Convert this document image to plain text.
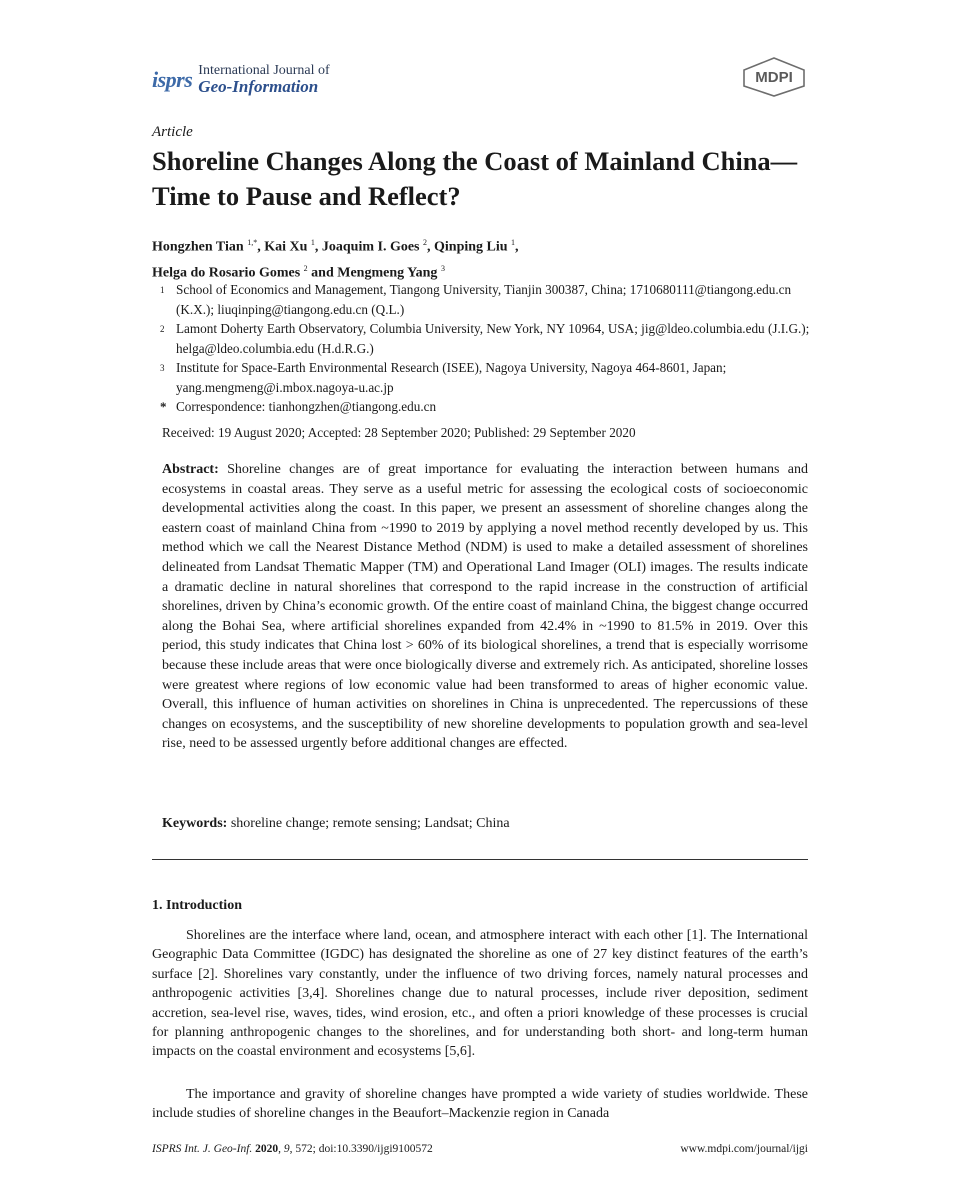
isprs International Journal of
Geo-Information	MDPI
Article
Shoreline Changes Along the Coast of Mainland China—Time to Pause and Reflect?
Hongzhen Tian $^{1,*}$, Kai Xu $^1$, Joaquim I. Goes $^2$, Qinping Liu $^1$,
Helga do Rosario Gomes $^2$ and Mengmeng Yang $^3$
1 School of Economics and Management, Tiangong University, Tianjin 300387, China; 1710680111@tiangong.edu.cn (K.X.); liuqinping@tiangong.edu.cn (Q.L.)
2 Lamont Doherty Earth Observatory, Columbia University, New York, NY 10964, USA; jig@ldeo.columbia.edu (J.I.G.); helga@ldeo.columbia.edu (H.d.R.G.)
3 Institute for Space-Earth Environmental Research (ISEE), Nagoya University, Nagoya 464-8601, Japan; yang.mengmeng@i.mbox.nagoya-u.ac.jp
* Correspondence: tianhongzhen@tiangong.edu.cn
Received: 19 August 2020; Accepted: 28 September 2020; Published: 29 September 2020

Abstract: Shoreline changes are of great importance for evaluating the interaction between humans and ecosystems in coastal areas. They serve as a useful metric for assessing the ecological costs of socioeconomic developmental activities along the coast. In this paper, we present an assessment of shoreline changes along the eastern coast of mainland China from ~1990 to 2019 by applying a novel method recently developed by us. This method which we call the Nearest Distance Method (NDM) is used to make a detailed assessment of shorelines delineated from Landsat Thematic Mapper (TM) and Operational Land Imager (OLI) images. The results indicate a dramatic decline in natural shorelines that correspond to the rapid increase in the construction of artificial shorelines, driven by China’s economic growth. Of the entire coast of mainland China, the biggest change occurred along the Bohai Sea, where artificial shorelines expanded from 42.4% in ~1990 to 81.5% in 2019. Over this period, this study indicates that China lost > 60% of its biological shorelines, a trend that is especially worrisome because these include areas that were once biologically diverse and extremely rich. As anticipated, shoreline losses were greatest where regions of low economic value had been transformed to areas of higher economic value. Overall, this influence of human activities on shorelines in China is unprecedented. The repercussions of these changes on ecosystems, and the susceptibility of new shoreline developments to population growth and sea-level rise, need to be assessed urgently before additional changes are effected.

Keywords: shoreline change; remote sensing; Landsat; China

1. Introduction

Shorelines are the interface where land, ocean, and atmosphere interact with each other [1]. The International Geographic Data Committee (IGDC) has designated the shoreline as one of 27 key distinct features of the earth’s surface [2]. Shorelines vary constantly, under the influence of two driving forces, namely natural processes and anthropogenic activities [3,4]. Shorelines change due to natural processes, include river deposition, sediment accretion, sea-level rise, waves, tides, wind erosion, etc., and often a priori knowledge of these processes is crucial for planning anthropogenic changes to the shorelines, and for understanding both short- and long-term human impacts on the coastal environment and ecosystems [5,6].

The importance and gravity of shoreline changes have prompted a wide variety of studies worldwide. These include studies of shoreline changes in the Beaufort–Mackenzie region in Canada

ISPRS Int. J. Geo-Inf. 2020, 9, 572; doi:10.3390/ijgi9100572	www.mdpi.com/journal/ijgi
